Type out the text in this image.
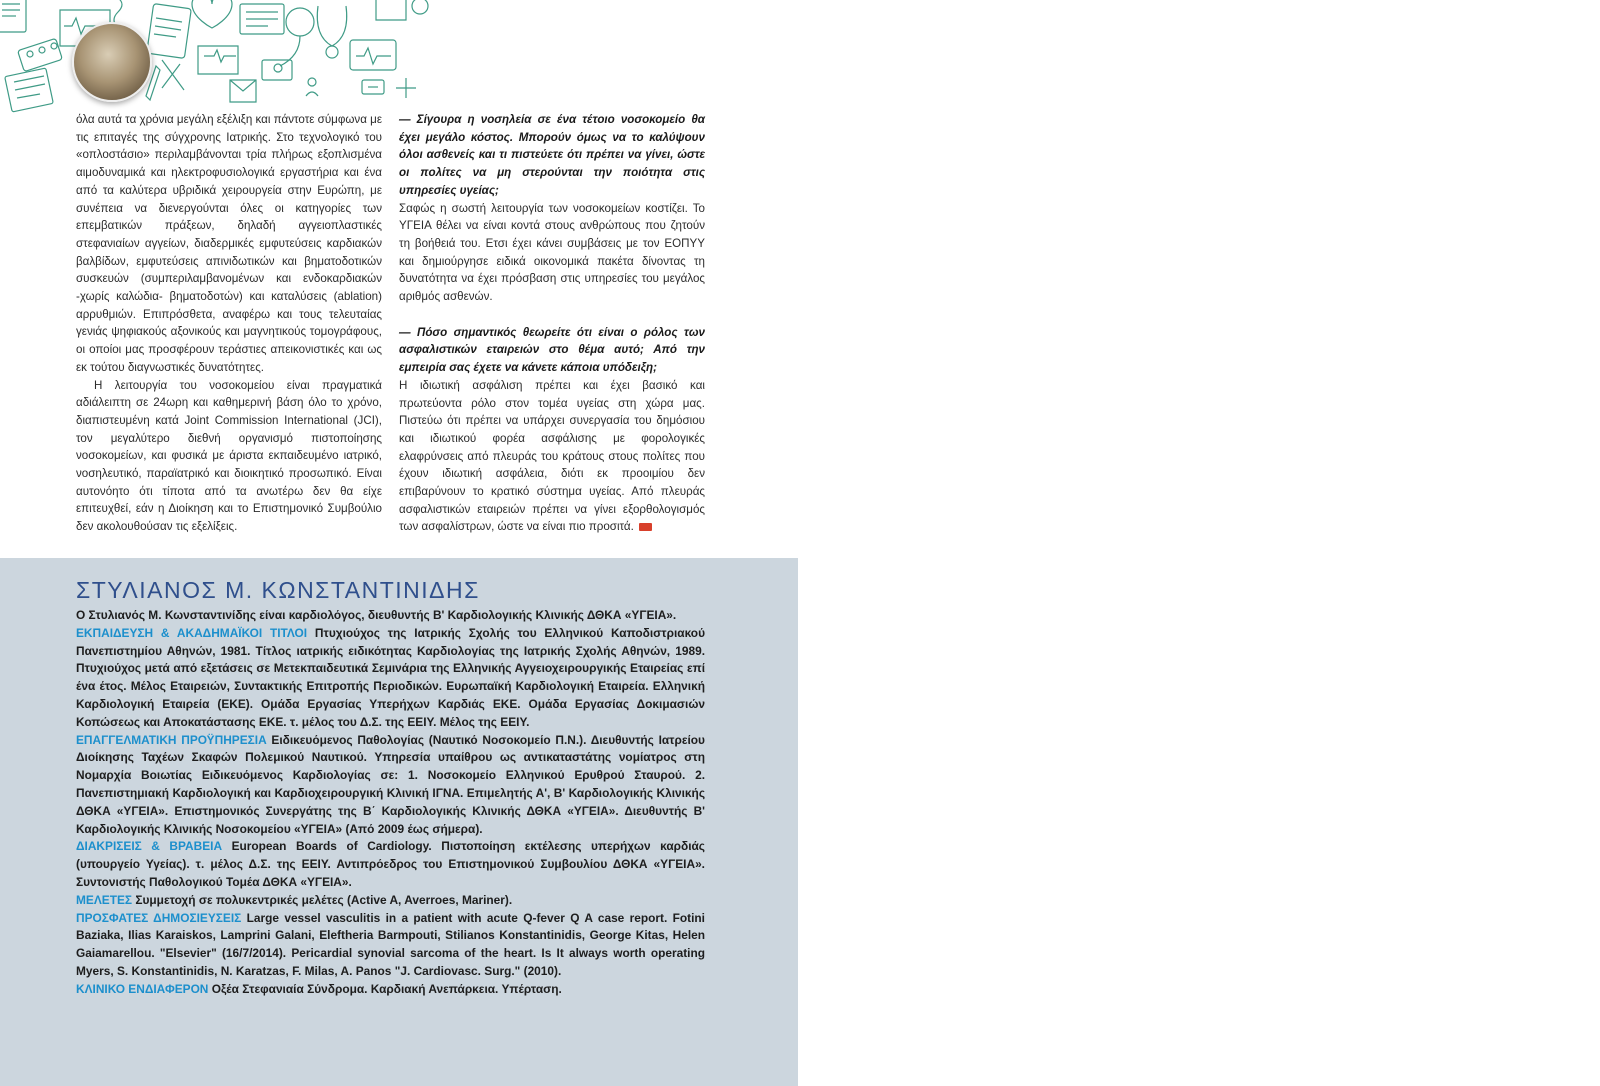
όλα αυτά τα χρόνια μεγάλη εξέλιξη και πάντοτε σύμφωνα με τις επιταγές της σύγχρονης Ιατρικής. Στο τεχνολογικό του «οπλοστάσιο» περιλαμβάνονται τρία πλήρως εξοπλισμένα αιμοδυναμικά και ηλεκτροφυσιολογικά εργαστήρια και ένα από τα καλύτερα υβριδικά χειρουργεία στην Ευρώπη, με συνέπεια να διενεργούνται όλες οι κατηγορίες των επεμβατικών πράξεων, δηλαδή αγγειοπλαστικές στεφανιαίων αγγείων, διαδερμικές εμφυτεύσεις καρδιακών βαλβίδων, εμφυτεύσεις απινιδωτικών και βηματοδοτικών συσκευών (συμπεριλαμβανομένων και ενδοκαρδιακών -χωρίς καλώδια- βηματοδοτών) και καταλύσεις (ablation) αρρυθμιών. Επιπρόσθετα, αναφέρω και τους τελευταίας γενιάς ψηφιακούς αξονικούς και μαγνητικούς τομογράφους, οι οποίοι μας προσφέρουν τεράστιες απεικονιστικές και ως εκ τούτου διαγνωστικές δυνατότητες.

Η λειτουργία του νοσοκομείου είναι πραγματικά αδιάλειπτη σε 24ωρη και καθημερινή βάση όλο το χρόνο, διαπιστευμένη κατά Joint Commission International (JCI), τον μεγαλύτερο διεθνή οργανισμό πιστοποίησης νοσοκομείων, και φυσικά με άριστα εκπαιδευμένο ιατρικό, νοσηλευτικό, παραϊατρικό και διοικητικό προσωπικό. Είναι αυτονόητο ότι τίποτα από τα ανωτέρω δεν θα είχε επιτευχθεί, εάν η Διοίκηση και το Επιστημονικό Συμβούλιο δεν ακολουθούσαν τις εξελίξεις.

— Σίγουρα η νοσηλεία σε ένα τέτοιο νοσοκομείο θα έχει μεγάλο κόστος. Μπορούν όμως να το καλύψουν όλοι ασθενείς και τι πιστεύετε ότι πρέπει να γίνει, ώστε οι πολίτες να μη στερούνται την ποιότητα στις υπηρεσίες υγείας;

Σαφώς η σωστή λειτουργία των νοσοκομείων κοστίζει. Το ΥΓΕΙΑ θέλει να είναι κοντά στους ανθρώπους που ζητούν τη βοήθειά του. Ετσι έχει κάνει συμβάσεις με τον ΕΟΠΥΥ και δημιούργησε ειδικά οικονομικά πακέτα δίνοντας τη δυνατότητα να έχει πρόσβαση στις υπηρεσίες του μεγάλος αριθμός ασθενών.

— Πόσο σημαντικός θεωρείτε ότι είναι ο ρόλος των ασφαλιστικών εταιρειών στο θέμα αυτό; Από την εμπειρία σας έχετε να κάνετε κάποια υπόδειξη;

Η ιδιωτική ασφάλιση πρέπει και έχει βασικό και πρωτεύοντα ρόλο στον τομέα υγείας στη χώρα μας. Πιστεύω ότι πρέπει να υπάρχει συνεργασία του δημόσιου και ιδιωτικού φορέα ασφάλισης με φορολογικές ελαφρύνσεις από πλευράς του κράτους στους πολίτες που έχουν ιδιωτική ασφάλεια, διότι εκ προοιμίου δεν επιβαρύνουν το κρατικό σύστημα υγείας. Από πλευράς ασφαλιστικών εταιρειών πρέπει να γίνει εξορθολογισμός των ασφαλίστρων, ώστε να είναι πιο προσιτά.

ΣΤΥΛΙΑΝΟΣ Μ. ΚΩΝΣΤΑΝΤΙΝΙΔΗΣ
Ο Στυλιανός Μ. Κωνσταντινίδης είναι καρδιολόγος, διευθυντής Β' Καρδιολογικής Κλινικής ΔΘΚΑ «ΥΓΕΙΑ».
ΕΚΠΑΙΔΕΥΣΗ & ΑΚΑΔΗΜΑΪΚΟΙ ΤΙΤΛΟΙ Πτυχιούχος της Ιατρικής Σχολής του Ελληνικού Καποδιστριακού Πανεπιστημίου Αθηνών, 1981. Τίτλος ιατρικής ειδικότητας Καρδιολογίας της Ιατρικής Σχολής Αθηνών, 1989. Πτυχιούχος μετά από εξετάσεις σε Μετεκπαιδευτικά Σεμινάρια της Ελληνικής Αγγειοχειρουργικής Εταιρείας επί ένα έτος. Μέλος Εταιρειών, Συντακτικής Επιτροπής Περιοδικών. Ευρωπαϊκή Καρδιολογική Εταιρεία. Ελληνική Καρδιολογική Εταιρεία (ΕΚΕ). Ομάδα Εργασίας Υπερήχων Καρδιάς ΕΚΕ. Ομάδα Εργασίας Δοκιμασιών Κοπώσεως και Αποκατάστασης ΕΚΕ. τ. μέλος του Δ.Σ. της ΕΕΙΥ. Μέλος της ΕΕΙΥ.
ΕΠΑΓΓΕΛΜΑΤΙΚΗ ΠΡΟΫΠΗΡΕΣΙΑ Ειδικευόμενος Παθολογίας (Ναυτικό Νοσοκομείο Π.Ν.). Διευθυντής Ιατρείου Διοίκησης Ταχέων Σκαφών Πολεμικού Ναυτικού. Υπηρεσία υπαίθρου ως αντικαταστάτης νομίατρος στη Νομαρχία Βοιωτίας Ειδικευόμενος Καρδιολογίας σε: 1. Νοσοκομείο Ελληνικού Ερυθρού Σταυρού. 2. Πανεπιστημιακή Καρδιολογική και Καρδιοχειρουργική Κλινική ΙΓΝΑ. Επιμελητής Α', Β' Καρδιολογικής Κλινικής ΔΘΚΑ «ΥΓΕΙΑ». Επιστημονικός Συνεργάτης της Β΄ Καρδιολογικής Κλινικής ΔΘΚΑ «ΥΓΕΙΑ». Διευθυντής Β' Καρδιολογικής Κλινικής Νοσοκομείου «ΥΓΕΙΑ» (Από 2009 έως σήμερα).
ΔΙΑΚΡΙΣΕΙΣ & ΒΡΑΒΕΙΑ European Boards of Cardiology. Πιστοποίηση εκτέλεσης υπερήχων καρδιάς (υπουργείο Υγείας). τ. μέλος Δ.Σ. της ΕΕΙΥ. Αντιπρόεδρος του Επιστημονικού Συμβουλίου ΔΘΚΑ «ΥΓΕΙΑ». Συντονιστής Παθολογικού Τομέα ΔΘΚΑ «ΥΓΕΙΑ».
ΜΕΛΕΤΕΣ Συμμετοχή σε πολυκεντρικές μελέτες (Active A, Averroes, Mariner).
ΠΡΟΣΦΑΤΕΣ ΔΗΜΟΣΙΕΥΣΕΙΣ Large vessel vasculitis in a patient with acute Q-fever Q A case report. Fotini Baziaka, Ilias Karaiskos, Lamprini Galani, Eleftheria Barmpouti, Stilianos Konstantinidis, George Kitas, Helen Gaiamarellou. "Elsevier" (16/7/2014). Pericardial synovial sarcoma of the heart. Is It always worth operating Myers, S. Konstantinidis, N. Karatzas, F. Milas, A. Panos "J. Cardiovasc. Surg." (2010).
ΚΛΙΝΙΚΟ ΕΝΔΙΑΦΕΡΟΝ Οξέα Στεφανιαία Σύνδρομα. Καρδιακή Ανεπάρκεια. Υπέρταση.
